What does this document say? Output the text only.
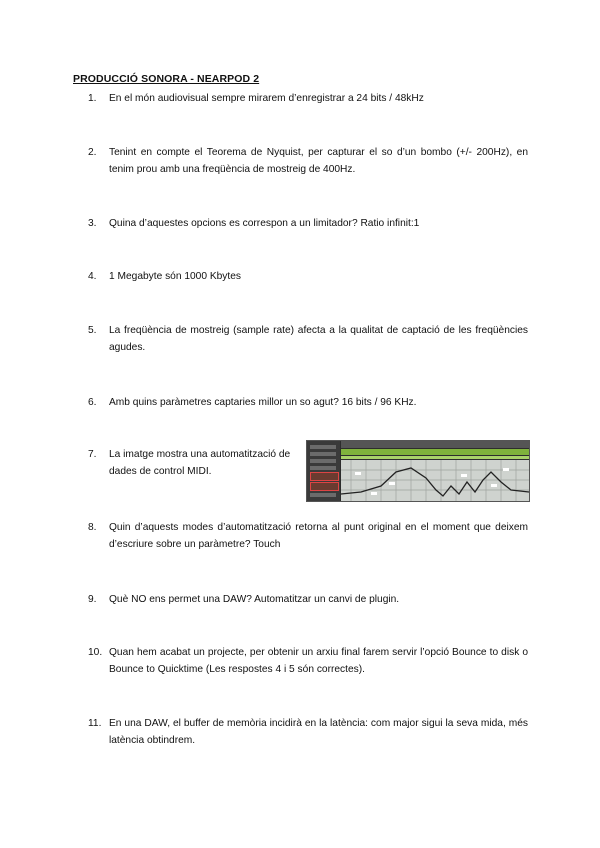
PRODUCCIÓ SONORA - NEARPOD 2
1.	En el món audiovisual sempre mirarem d’enregistrar a 24 bits / 48kHz
2.	Tenint en compte el Teorema de Nyquist, per capturar el so d’un bombo (+/- 200Hz), en tenim prou amb una freqüència de mostreig de 400Hz.
3.	Quina d’aquestes opcions es correspon a un limitador? Ratio infinit:1
4.	1 Megabyte són 1000 Kbytes
5.	La freqüència de mostreig (sample rate) afecta a la qualitat de captació de les freqüències agudes.
6.	Amb quins paràmetres captaries millor un so agut? 16 bits / 96 KHz.
7.	La imatge mostra una automatització de dades de control MIDI.
8.	Quin d’aquests modes d’automatització retorna al punt original en el moment que deixem d’escriure sobre un paràmetre? Touch
9.	Què NO ens permet una DAW? Automatitzar un canvi de plugin.
10. Quan hem acabat un projecte, per obtenir un arxiu final farem servir l’opció Bounce to disk o Bounce to Quicktime (Les respostes 4 i 5 són correctes).
11. En una DAW, el buffer de memòria incidirà en la latència: com major sigui la seva mida, més latència obtindrem.
